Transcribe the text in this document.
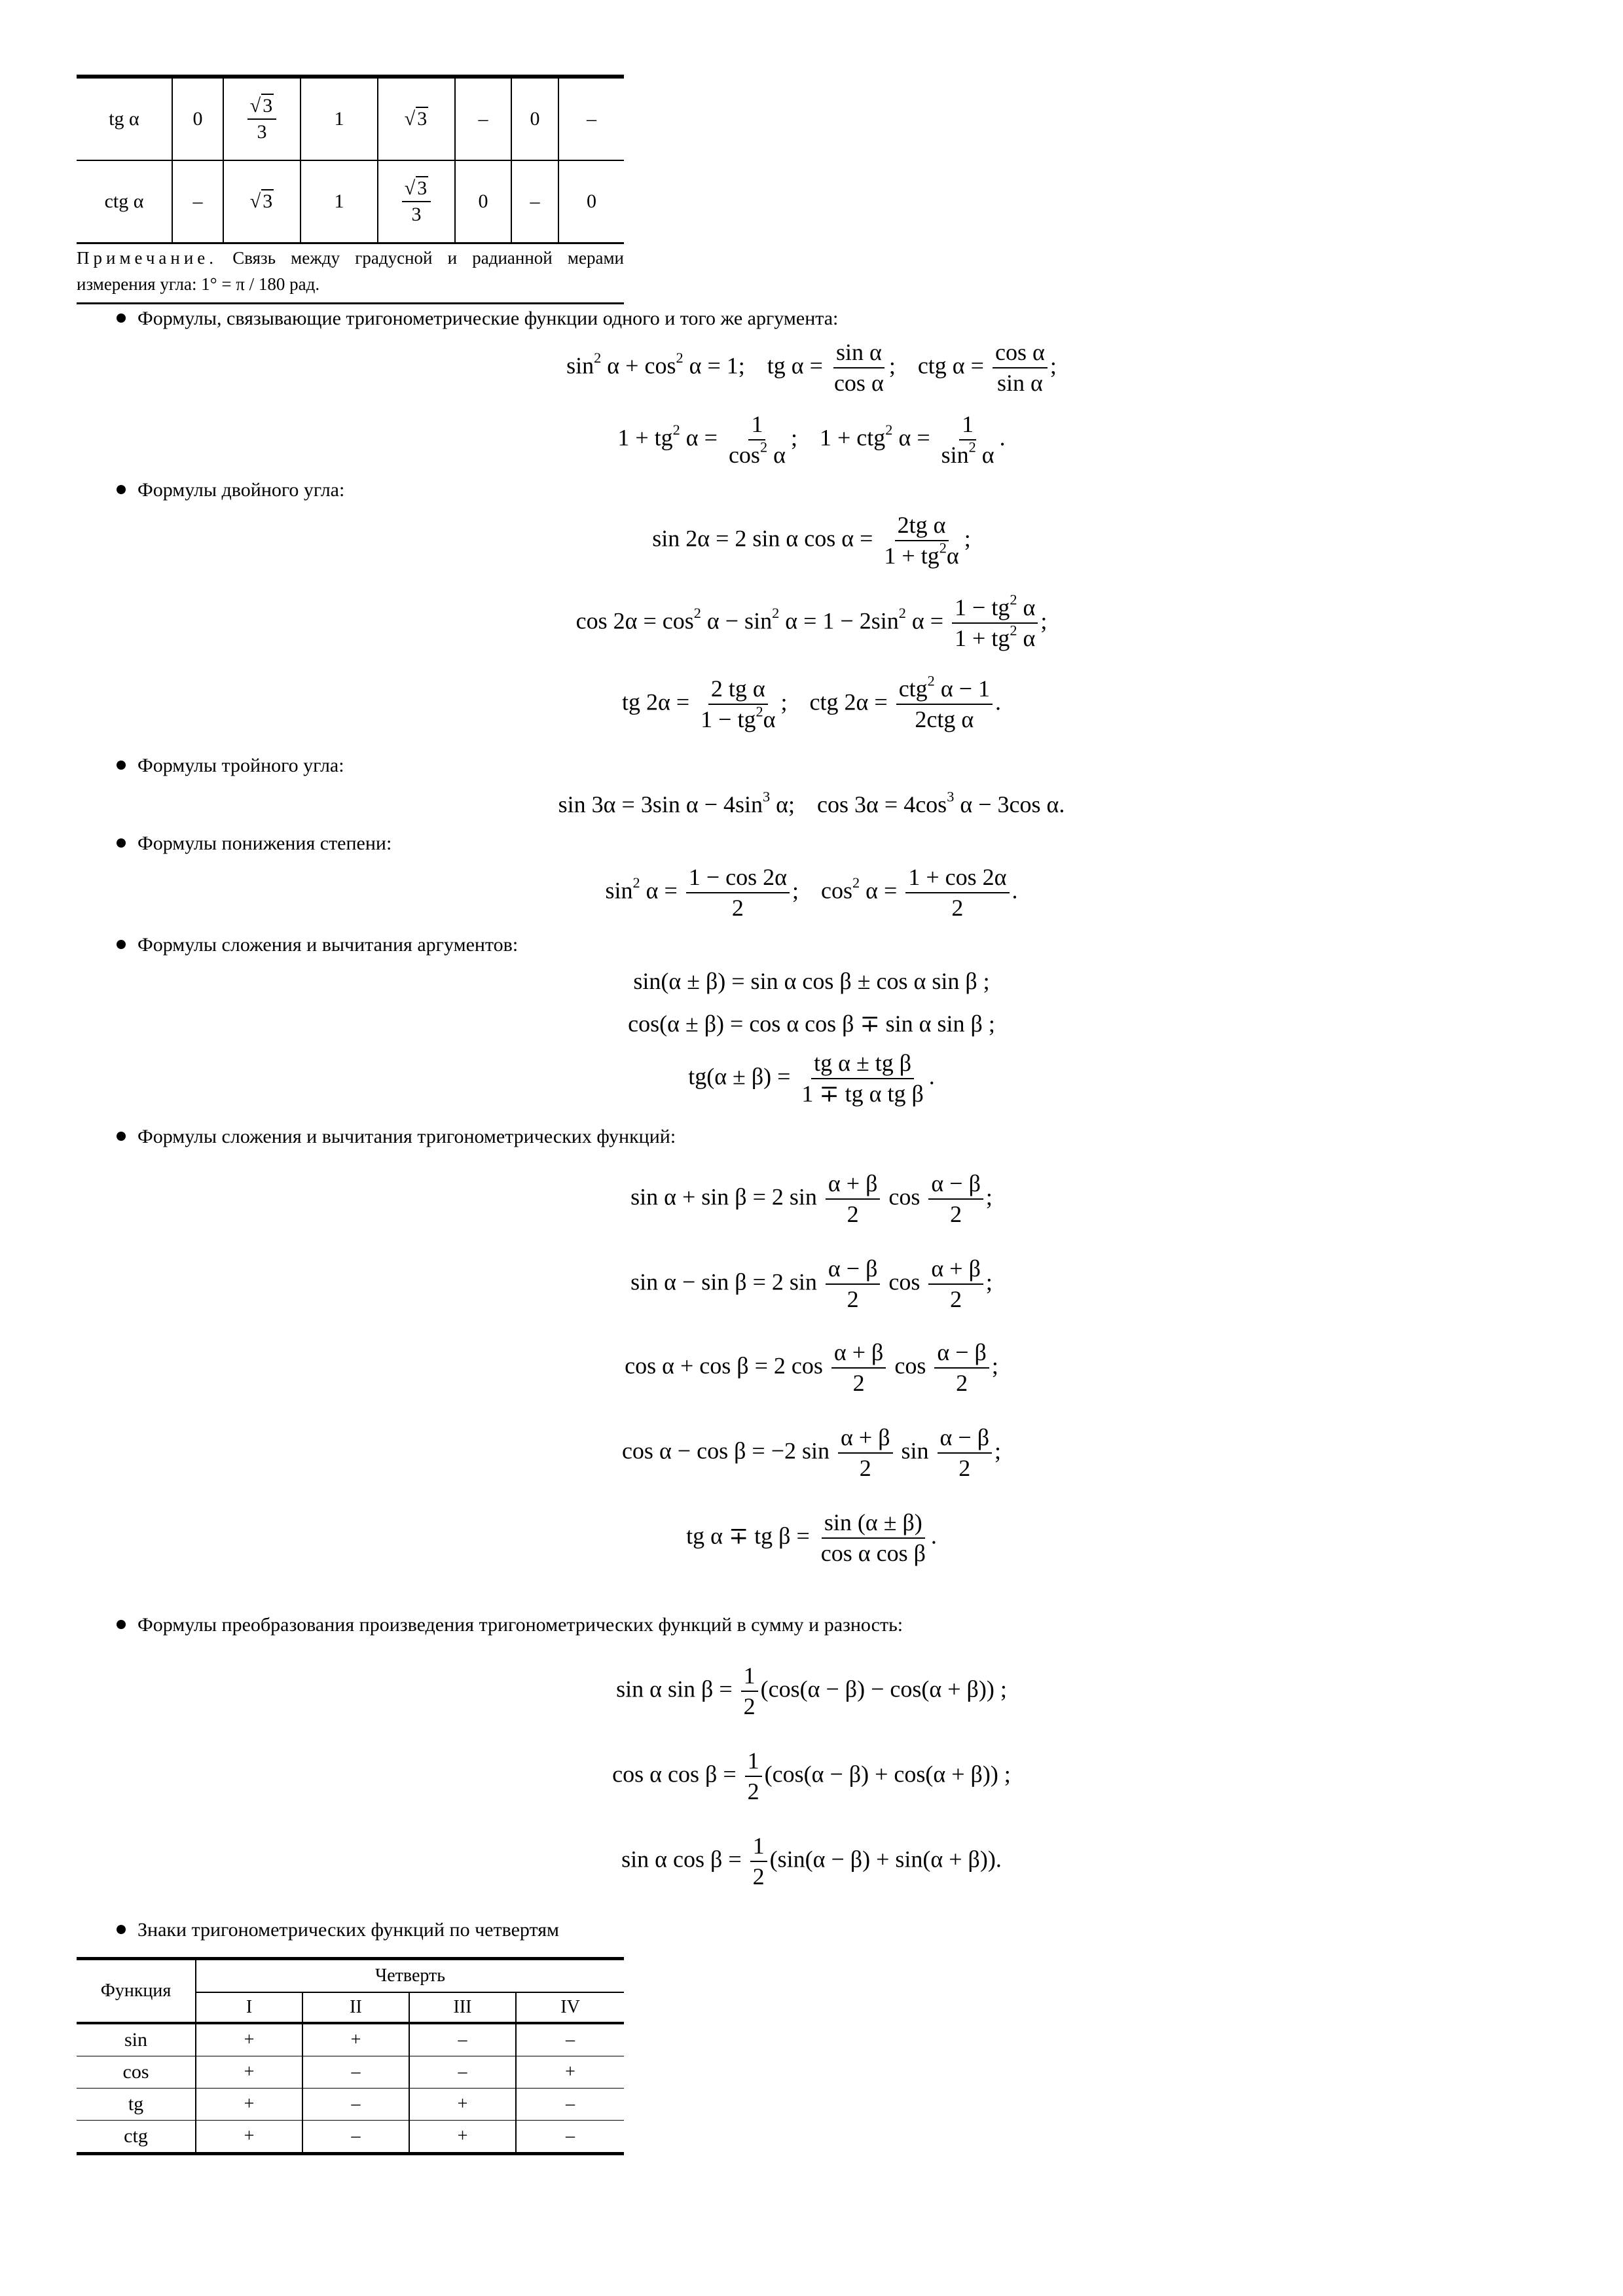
tg α	0	$\frac{√ 3}{3}$	1	√ 3	–	0	–
ctg α	–	√ 3	1	$\frac{√ 3}{3}$	0	–	0
Примечание. Связь между градусной и радианной мерами измерения угла: 1° = π / 180 рад.
Формулы, связывающие тригонометрические функции одного и того же аргумента:
$\sin^2 \alpha + \cos^2 \alpha = 1$; tg $\alpha = \frac{\text{sin α}}{\text{cos α}}$ ; ctg $\alpha = \frac{\text{cos α}}{\text{sin α}}$ ;
$1 + tg^2$ $\alpha = \frac{1}{\cos^2 \alpha}$ ; 1 + ctg$^2$ $\alpha = \frac{1}{\sin^2 \alpha}$ .
Формулы двойного угла:
sin 2α = 2 sin α $\cos \alpha = \frac{\text{2tg α}}{1 + tg^2\alpha}$ ;
$\cos 2\alpha = \cos^2 \alpha - \sin^2 \alpha = 1 - 2\sin^2$ $\alpha = \frac{1 - tg^2 \alpha}{1 + tg^2 \alpha}$ ;
tg $2\alpha = \frac{\text{2 tg α}}{1 - tg^2\alpha}$ ; ctg 2α =
ctg$^2$ α − 1
2ctg α
.
Формулы тройного угла:
sin 3α = 3sin $\alpha - 4\sin^3$ α; $\cos 3\alpha = 4\cos^3$ α − 3cos α.
Формулы понижения степени:
$\sin^2 \alpha = \frac{1 - \cos 2\alpha}{2}$ ; $\cos^2 \alpha = \frac{1 + \cos 2\alpha}{2}$ .
Формулы сложения и вычитания аргументов:
sin(α ± β) = sin α cos β ± cos α sin β ;
cos(α ± β) = cos α cos β ∓ sin α sin β ;
$tg(\alpha \pm \beta) = \frac{\text{tg α ± tg β}}{\text{1 ∓ tg α tg β}}$ .
Формулы сложения и вычитания тригонометрических функций:
sin α + sin β = 2 $\sin \frac{\alpha + \beta}{2}$ $\cos \frac{\alpha - \beta}{2}$ ;
sin α − sin β = 2 $\sin \frac{\alpha - \beta}{2}$ $\cos \frac{\alpha + \beta}{2}$ ;
cos α + cos β = 2 $\cos \frac{\alpha + \beta}{2}$ $\cos \frac{\alpha - \beta}{2}$ ;
cos α − cos β = −2 $\sin \frac{\alpha + \beta}{2}$ $\sin \frac{\alpha - \beta}{2}$ ;
tg α ∓ tg $\beta = \frac{\sin (\alpha \pm \beta)}{\text{cos α cos β}}$ .
Формулы преобразования произведения тригонометрических функций в сумму и разность:
sin α $\sin \beta = \frac{1}{2} (\cos(\alpha - \beta) - \cos(\alpha + \beta))$ ;
cos α $\cos \beta = \frac{1}{2} (\cos(\alpha - \beta) + \cos(\alpha + \beta))$ ;
sin α $\cos \beta = \frac{1}{2} (\sin(\alpha - \beta) + \sin(\alpha + \beta))$.
Знаки тригонометрических функций по четвертям
Функция	Четверть			
	I	II	III	IV
sin	+	+	–	–
cos	+	–	–	+
tg	+	–	+	–
ctg	+	–	+	–
